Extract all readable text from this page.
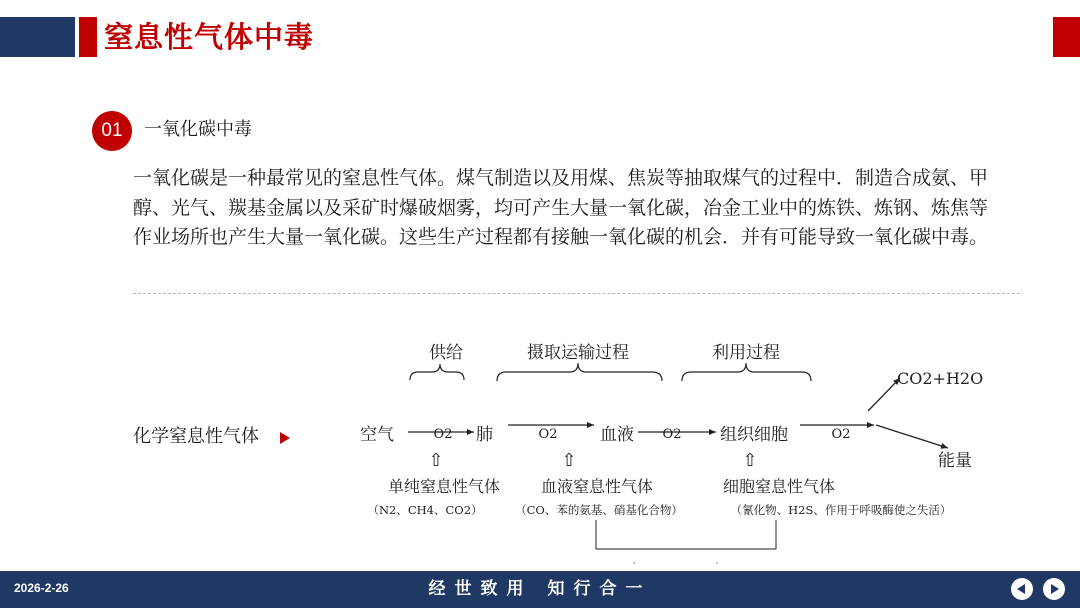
窒息性气体中毒
01	一氧化碳中毒
一氧化碳是一种最常见的窒息性气体。煤气制造以及用煤、焦炭等抽取煤气的过程中．制造合成氨、甲醇、光气、羰基金属以及采矿时爆破烟雾，均可产生大量一氧化碳，冶金工业中的炼铁、炼钢、炼焦等作业场所也产生大量一氧化碳。这些生产过程都有接触一氧化碳的机会．并有可能导致一氧化碳中毒。
化学窒息性气体
供给	摄取运输过程	利用过程
空气	肺	血液	组织细胞
O2	O2	O2	O2
CO2+H2O
能量
⇧	⇧	⇧
单纯窒息性气体	血液窒息性气体	细胞窒息性气体
（N2、CH4、CO2）	（CO、苯的氨基、硝基化合物）	（氰化物、H2S、作用于呼吸酶使之失活）
·	·
2026-2-26	经世致用 知行合一
